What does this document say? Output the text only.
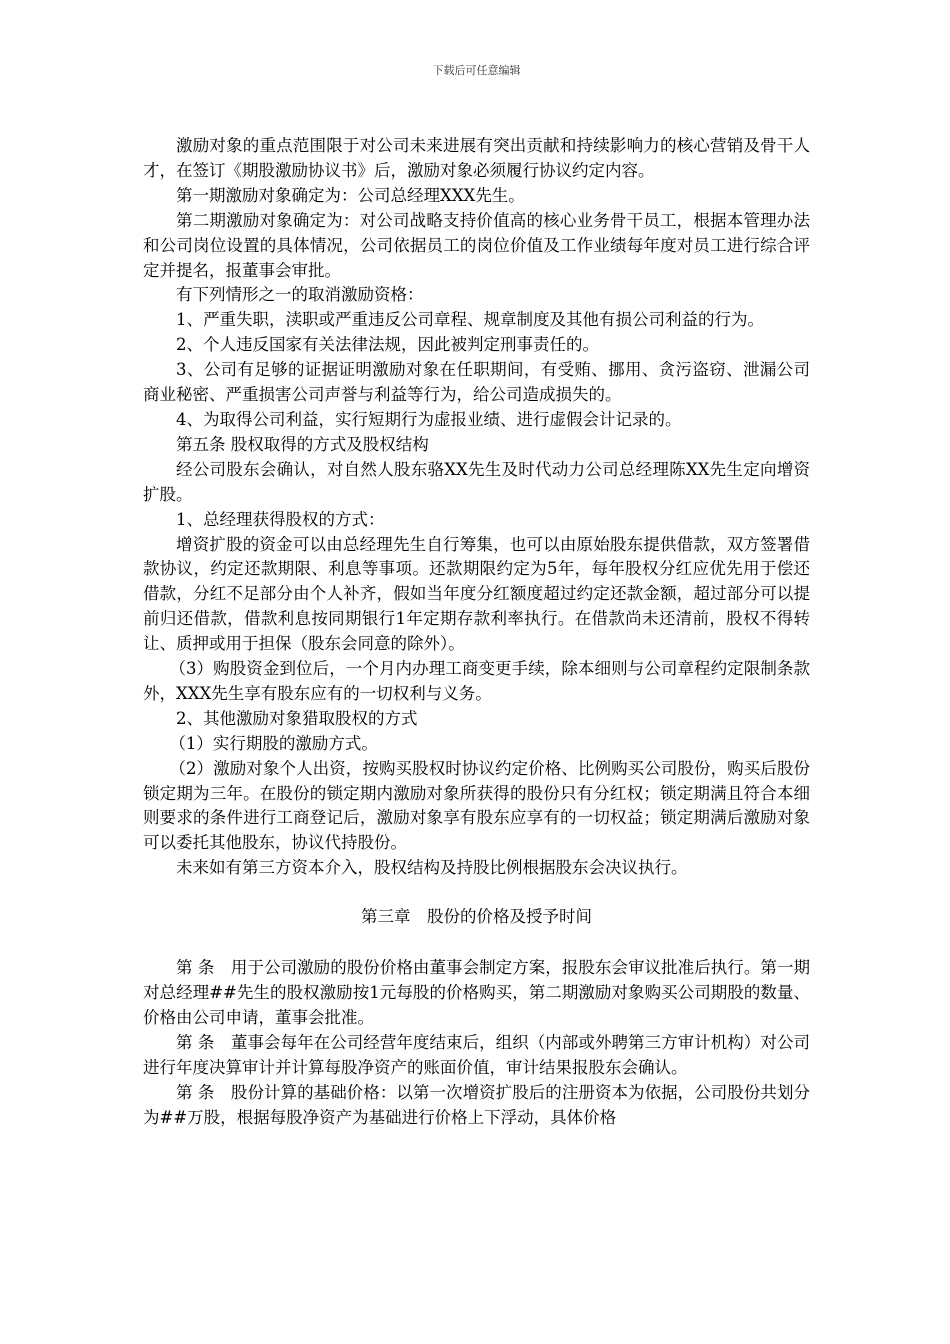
下载后可任意编辑

激励对象的重点范围限于对公司未来进展有突出贡献和持续影响力的核心营销及骨干人才，在签订《期股激励协议书》后，激励对象必须履行协议约定内容。

第一期激励对象确定为：公司总经理XXX先生。

第二期激励对象确定为：对公司战略支持价值高的核心业务骨干员工，根据本管理办法和公司岗位设置的具体情况，公司依据员工的岗位价值及工作业绩每年度对员工进行综合评定并提名，报董事会审批。

有下列情形之一的取消激励资格：

1、严重失职，渎职或严重违反公司章程、规章制度及其他有损公司利益的行为。

2、个人违反国家有关法律法规，因此被判定刑事责任的。

3、公司有足够的证据证明激励对象在任职期间，有受贿、挪用、贪污盗窃、泄漏公司商业秘密、严重损害公司声誉与利益等行为，给公司造成损失的。

4、为取得公司利益，实行短期行为虚报业绩、进行虚假会计记录的。

第五条 股权取得的方式及股权结构

经公司股东会确认，对自然人股东骆XX先生及时代动力公司总经理陈XX先生定向增资扩股。

1、总经理获得股权的方式：

增资扩股的资金可以由总经理先生自行筹集，也可以由原始股东提供借款，双方签署借款协议，约定还款期限、利息等事项。还款期限约定为5年，每年股权分红应优先用于偿还借款，分红不足部分由个人补齐，假如当年度分红额度超过约定还款金额，超过部分可以提前归还借款，借款利息按同期银行1年定期存款利率执行。在借款尚未还清前，股权不得转让、质押或用于担保（股东会同意的除外）。

（3）购股资金到位后，一个月内办理工商变更手续，除本细则与公司章程约定限制条款外，XXX先生享有股东应有的一切权利与义务。

2、其他激励对象猎取股权的方式

（1）实行期股的激励方式。

（2）激励对象个人出资，按购买股权时协议约定价格、比例购买公司股份，购买后股份锁定期为三年。在股份的锁定期内激励对象所获得的股份只有分红权；锁定期满且符合本细则要求的条件进行工商登记后，激励对象享有股东应享有的一切权益；锁定期满后激励对象可以委托其他股东，协议代持股份。

未来如有第三方资本介入，股权结构及持股比例根据股东会决议执行。

第三章　股份的价格及授予时间

第 条　用于公司激励的股份价格由董事会制定方案，报股东会审议批准后执行。第一期对总经理##先生的股权激励按1元每股的价格购买，第二期激励对象购买公司期股的数量、价格由公司申请，董事会批准。

第 条　董事会每年在公司经营年度结束后，组织（内部或外聘第三方审计机构）对公司进行年度决算审计并计算每股净资产的账面价值，审计结果报股东会确认。

第 条　股份计算的基础价格：以第一次增资扩股后的注册资本为依据，公司股份共划分为##万股，根据每股净资产为基础进行价格上下浮动，具体价格
